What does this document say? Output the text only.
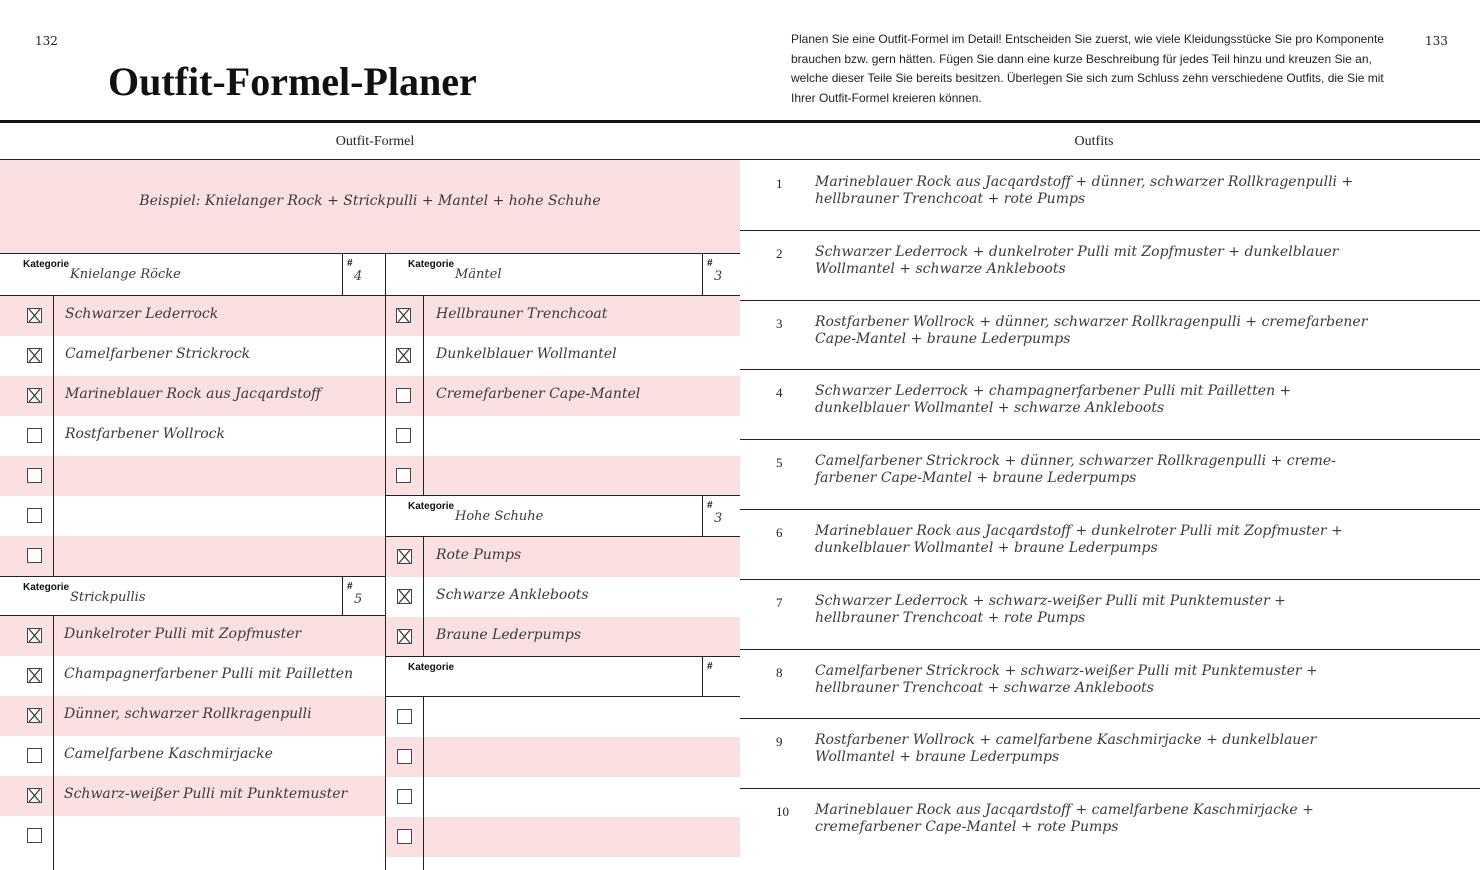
132	133
Outfit-Formel-Planer

Planen Sie eine Outfit-Formel im Detail! Entscheiden Sie zuerst, wie viele Kleidungsstücke Sie pro Komponente brauchen bzw. gern hätten. Fügen Sie dann eine kurze Beschreibung für jedes Teil hinzu und kreuzen Sie an, welche dieser Teile Sie bereits besitzen. Überlegen Sie sich zum Schluss zehn verschiedene Outfits, die Sie mit Ihrer Outfit-Formel kreieren können.

Outfit-Formel	Outfits
Beispiel: Knielanger Rock + Strickpulli + Mantel + hohe Schuhe
Kategorie
Knielange Röcke
#
4
Schwarzer Lederrock
Camelfarbener Strickrock
Marineblauer Rock aus Jacqardstoff
Rostfarbener Wollrock
Kategorie
Strickpullis
#
5
Dunkelroter Pulli mit Zopfmuster
Champagnerfarbener Pulli mit Pailletten
Dünner, schwarzer Rollkragenpulli
Camelfarbene Kaschmirjacke
Schwarz-weißer Pulli mit Punktemuster
Kategorie
Mäntel
#
3
Hellbrauner Trenchcoat
Dunkelblauer Wollmantel
Cremefarbener Cape-Mantel
Kategorie
Hohe Schuhe
#
3
Rote Pumps
Schwarze Ankleboots
Braune Lederpumps
Kategorie	#
1 Marineblauer Rock aus Jacqardstoff + dünner, schwarzer Rollkragenpulli +
hellbrauner Trenchcoat + rote Pumps
2 Schwarzer Lederrock + dunkelroter Pulli mit Zopfmuster + dunkelblauer
Wollmantel + schwarze Ankleboots
3 Rostfarbener Wollrock + dünner, schwarzer Rollkragenpulli + cremefarbener
Cape-Mantel + braune Lederpumps
4 Schwarzer Lederrock + champagnerfarbener Pulli mit Pailletten +
dunkelblauer Wollmantel + schwarze Ankleboots
5 Camelfarbener Strickrock + dünner, schwarzer Rollkragenpulli + creme-
farbener Cape-Mantel + braune Lederpumps
6 Marineblauer Rock aus Jacqardstoff + dunkelroter Pulli mit Zopfmuster +
dunkelblauer Wollmantel + braune Lederpumps
7 Schwarzer Lederrock + schwarz-weißer Pulli mit Punktemuster +
hellbrauner Trenchcoat + rote Pumps
8 Camelfarbener Strickrock + schwarz-weißer Pulli mit Punktemuster +
hellbrauner Trenchcoat + schwarze Ankleboots
9 Rostfarbener Wollrock + camelfarbene Kaschmirjacke + dunkelblauer
Wollmantel + braune Lederpumps
10 Marineblauer Rock aus Jacqardstoff + camelfarbene Kaschmirjacke +
cremefarbener Cape-Mantel + rote Pumps
